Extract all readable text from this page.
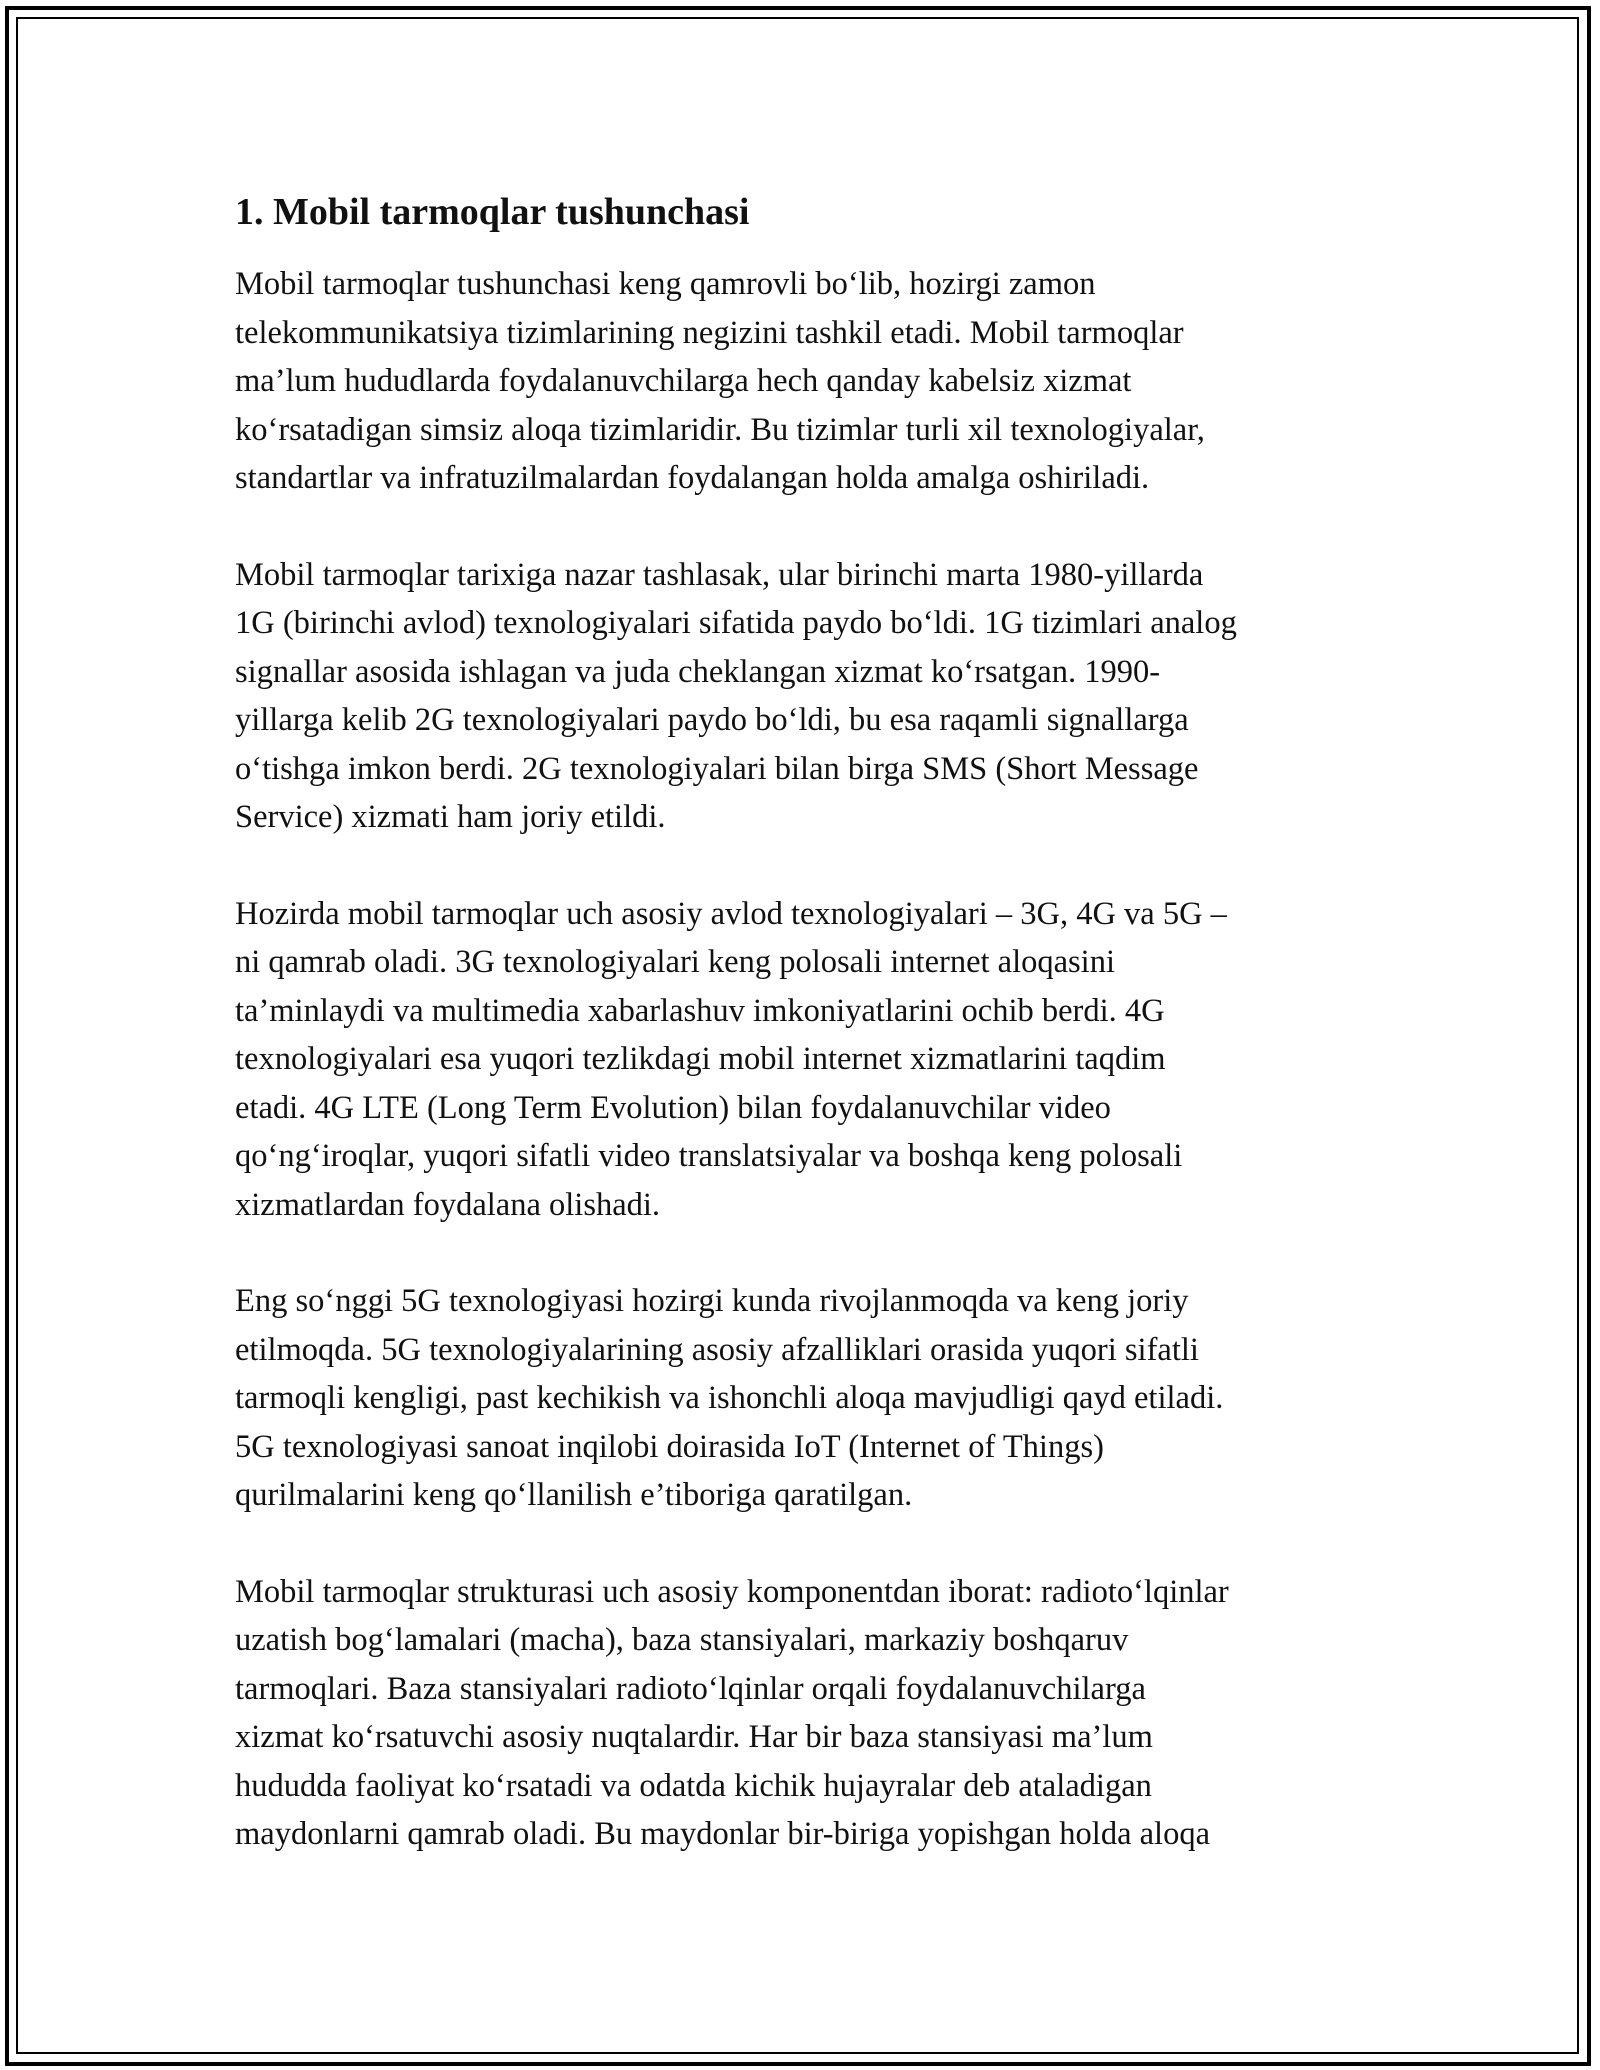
1. Mobil tarmoqlar tushunchasi
Mobil tarmoqlar tushunchasi keng qamrovli bo‘lib, hozirgi zamon
telekommunikatsiya tizimlarining negizini tashkil etadi. Mobil tarmoqlar
ma’lum hududlarda foydalanuvchilarga hech qanday kabelsiz xizmat
ko‘rsatadigan simsiz aloqa tizimlaridir. Bu tizimlar turli xil texnologiyalar,
standartlar va infratuzilmalardan foydalangan holda amalga oshiriladi.
Mobil tarmoqlar tarixiga nazar tashlasak, ular birinchi marta 1980-yillarda
1G (birinchi avlod) texnologiyalari sifatida paydo bo‘ldi. 1G tizimlari analog
signallar asosida ishlagan va juda cheklangan xizmat ko‘rsatgan. 1990-
yillarga kelib 2G texnologiyalari paydo bo‘ldi, bu esa raqamli signallarga
o‘tishga imkon berdi. 2G texnologiyalari bilan birga SMS (Short Message
Service) xizmati ham joriy etildi.
Hozirda mobil tarmoqlar uch asosiy avlod texnologiyalari – 3G, 4G va 5G –
ni qamrab oladi. 3G texnologiyalari keng polosali internet aloqasini
ta’minlaydi va multimedia xabarlashuv imkoniyatlarini ochib berdi. 4G
texnologiyalari esa yuqori tezlikdagi mobil internet xizmatlarini taqdim
etadi. 4G LTE (Long Term Evolution) bilan foydalanuvchilar video
qo‘ng‘iroqlar, yuqori sifatli video translatsiyalar va boshqa keng polosali
xizmatlardan foydalana olishadi.
Eng so‘nggi 5G texnologiyasi hozirgi kunda rivojlanmoqda va keng joriy
etilmoqda. 5G texnologiyalarining asosiy afzalliklari orasida yuqori sifatli
tarmoqli kengligi, past kechikish va ishonchli aloqa mavjudligi qayd etiladi.
5G texnologiyasi sanoat inqilobi doirasida IoT (Internet of Things)
qurilmalarini keng qo‘llanilish e’tiboriga qaratilgan.
Mobil tarmoqlar strukturasi uch asosiy komponentdan iborat: radioto‘lqinlar
uzatish bog‘lamalari (macha), baza stansiyalari, markaziy boshqaruv
tarmoqlari. Baza stansiyalari radioto‘lqinlar orqali foydalanuvchilarga
xizmat ko‘rsatuvchi asosiy nuqtalardir. Har bir baza stansiyasi ma’lum
hududda faoliyat ko‘rsatadi va odatda kichik hujayralar deb ataladigan
maydonlarni qamrab oladi. Bu maydonlar bir-biriga yopishgan holda aloqa
